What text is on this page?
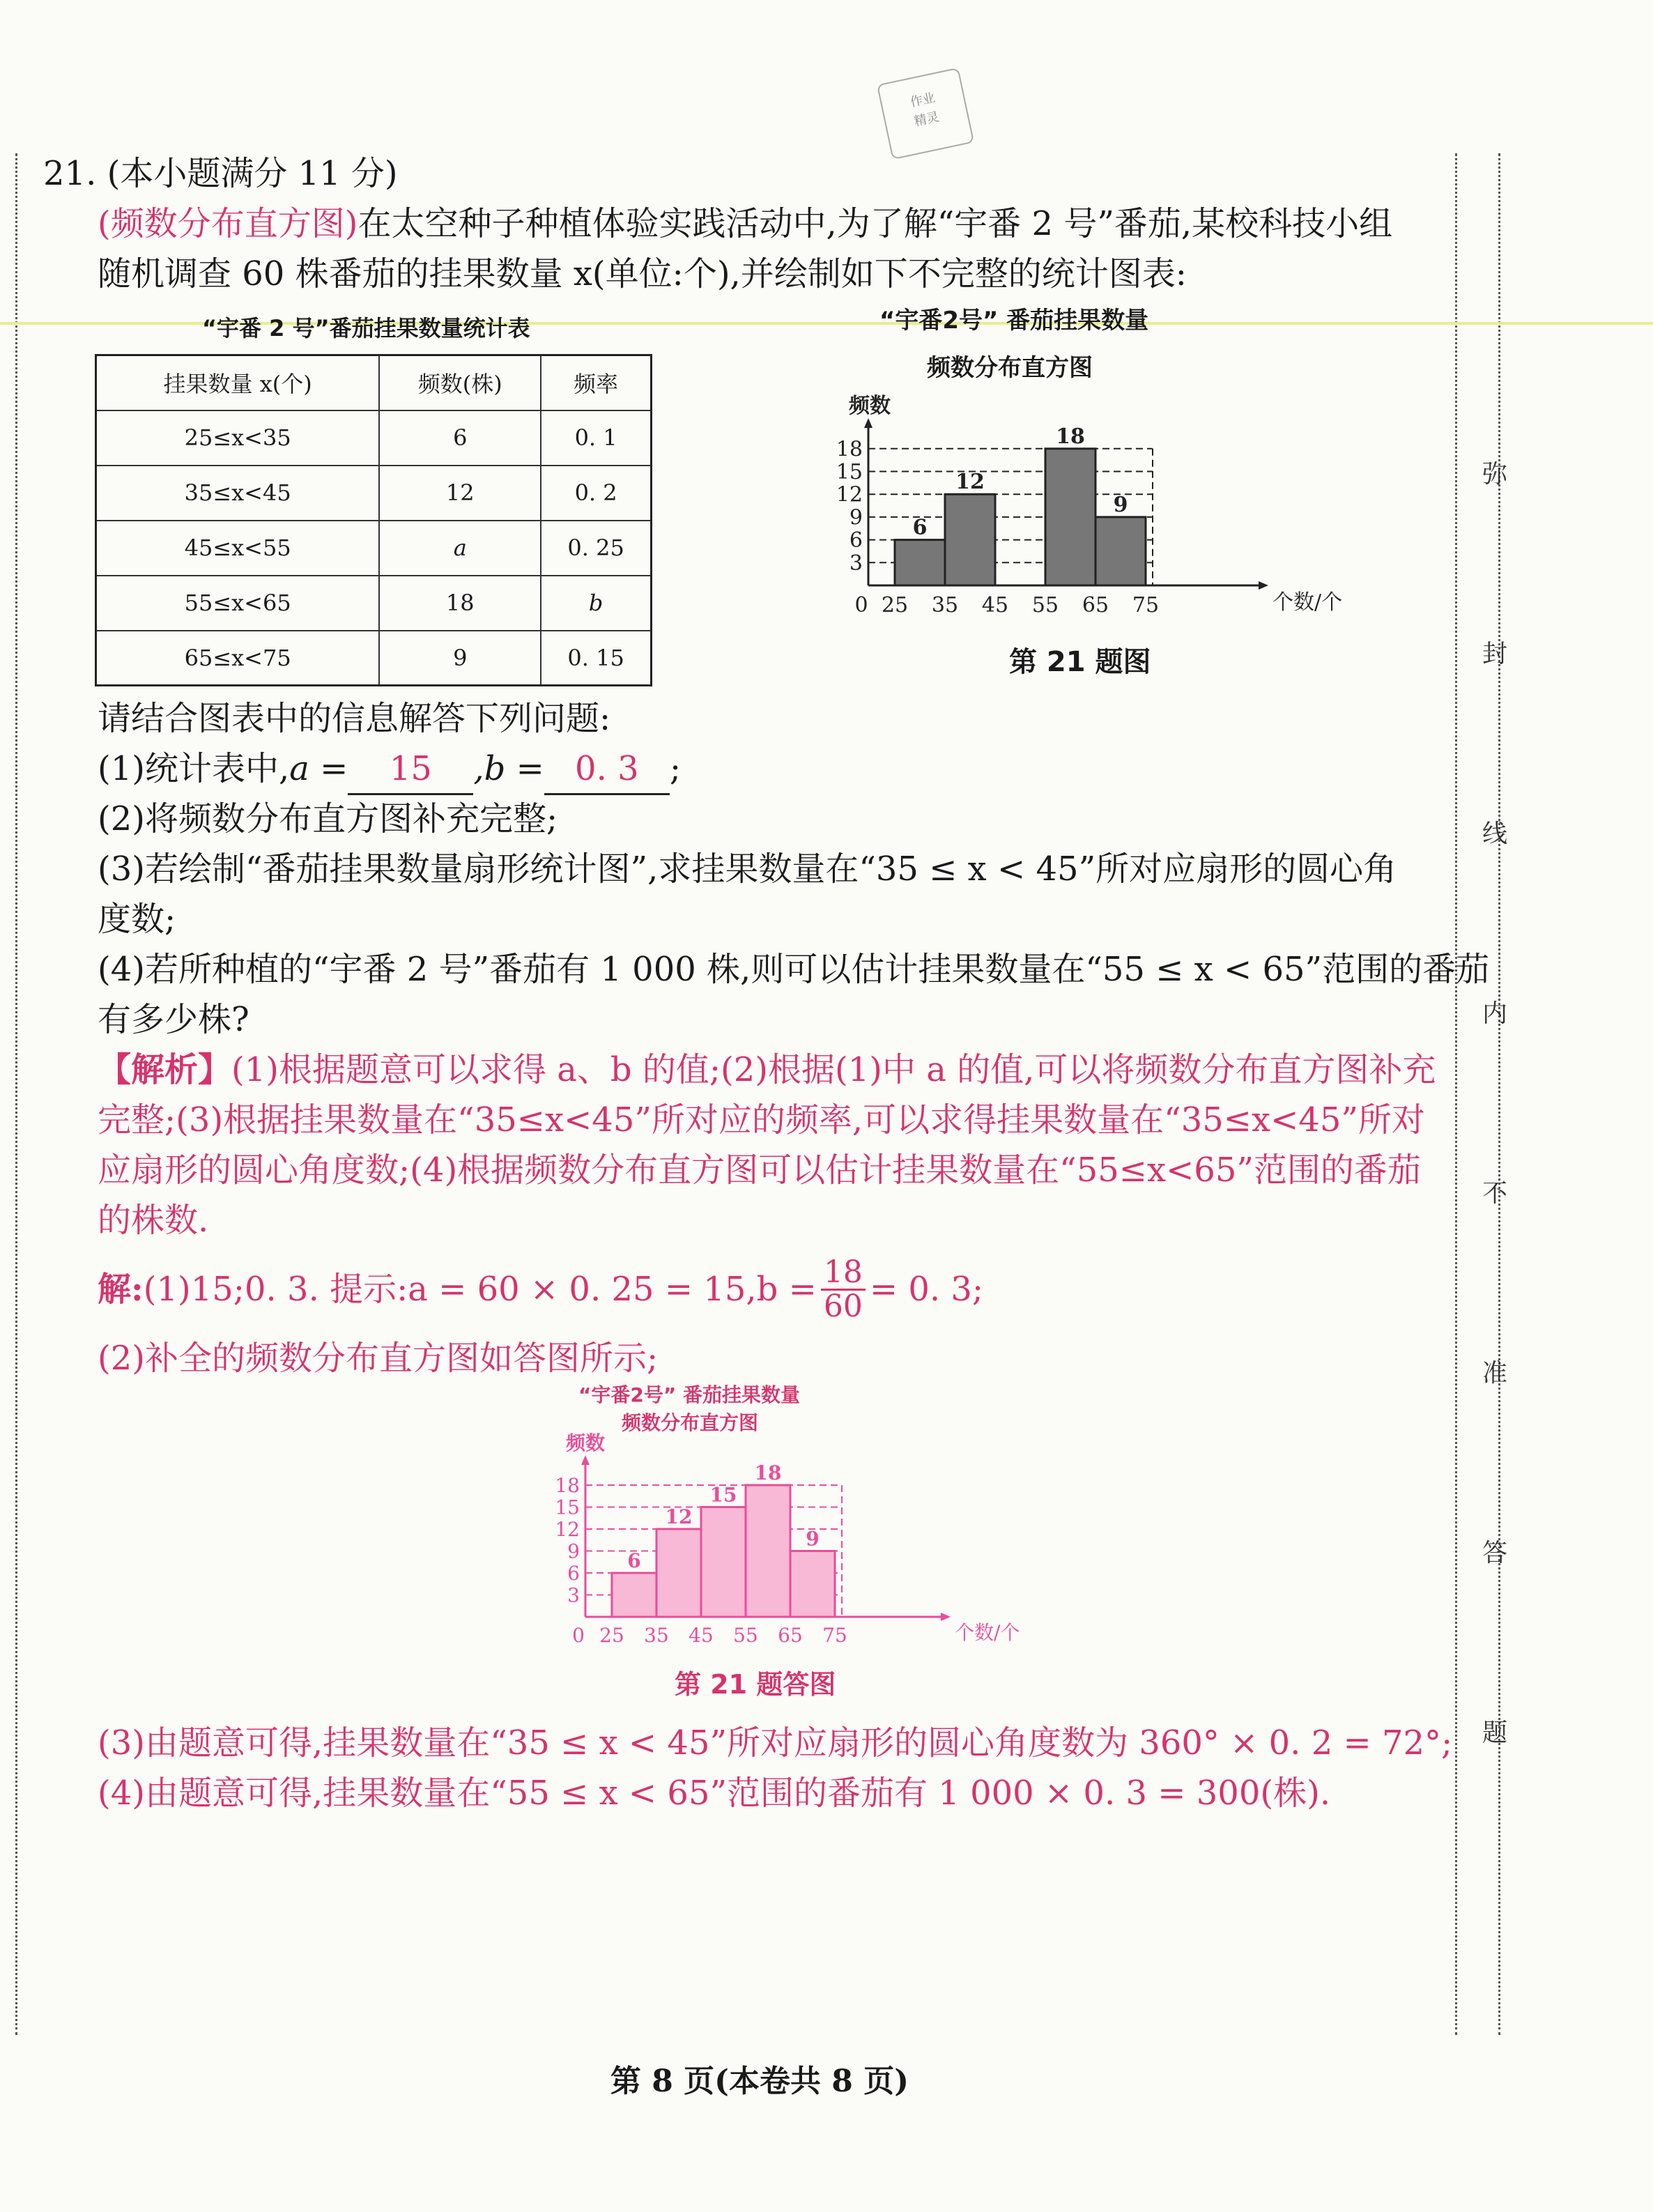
作业
精灵
弥
封
线
内
不
准
答
题
21. (本小题满分 11 分)
(频数分布直方图)在太空种子种植体验实践活动中,为了解“宇番 2 号”番茄,某校科技小组
随机调查 60 株番茄的挂果数量 x(单位:个),并绘制如下不完整的统计图表:
“宇番 2 号”番茄挂果数量统计表
挂果数量 x(个)	频数(株)	频率
25≤x<35	6	0. 1
35≤x<45	12	0. 2
45≤x<55	a	0. 25
55≤x<65	18	b
65≤x<75	9	0. 15
“宇番2号” 番茄挂果数量
频数分布直方图
频数
个数/个
3
6
9
12
15
18
0 25 35 45 55 65 75
6
12
18
9
第 21 题图
请结合图表中的信息解答下列问题:
(1)统计表中,a = 15 ,b = 0. 3 ;
(2)将频数分布直方图补充完整;
(3)若绘制“番茄挂果数量扇形统计图”,求挂果数量在“35 ≤ x < 45”所对应扇形的圆心角
度数;
(4)若所种植的“宇番 2 号”番茄有 1 000 株,则可以估计挂果数量在“55 ≤ x < 65”范围的番茄
有多少株?
【解析】(1)根据题意可以求得 a、b 的值;(2)根据(1)中 a 的值,可以将频数分布直方图补充
完整;(3)根据挂果数量在“35≤x<45”所对应的频率,可以求得挂果数量在“35≤x<45”所对
应扇形的圆心角度数;(4)根据频数分布直方图可以估计挂果数量在“55≤x<65”范围的番茄
的株数.
解: (1)15;0. 3. 提示:a = 60 × 0. $25 = 15,b = \frac{18}{60} = 0$. 3;
(2)补全的频数分布直方图如答图所示;
“宇番2号” 番茄挂果数量
频数分布直方图
频数
个数/个
3
6
9
12
15
18
0 25 35 45 55 65 75
6
12
15
18
9
第 21 题答图
(3)由题意可得,挂果数量在“35 ≤ x < 45”所对应扇形的圆心角度数为 360° × 0. 2 = 72°;
(4)由题意可得,挂果数量在“55 ≤ x < 65”范围的番茄有 1 000 × 0. 3 = 300(株).
第 8 页(本卷共 8 页)
